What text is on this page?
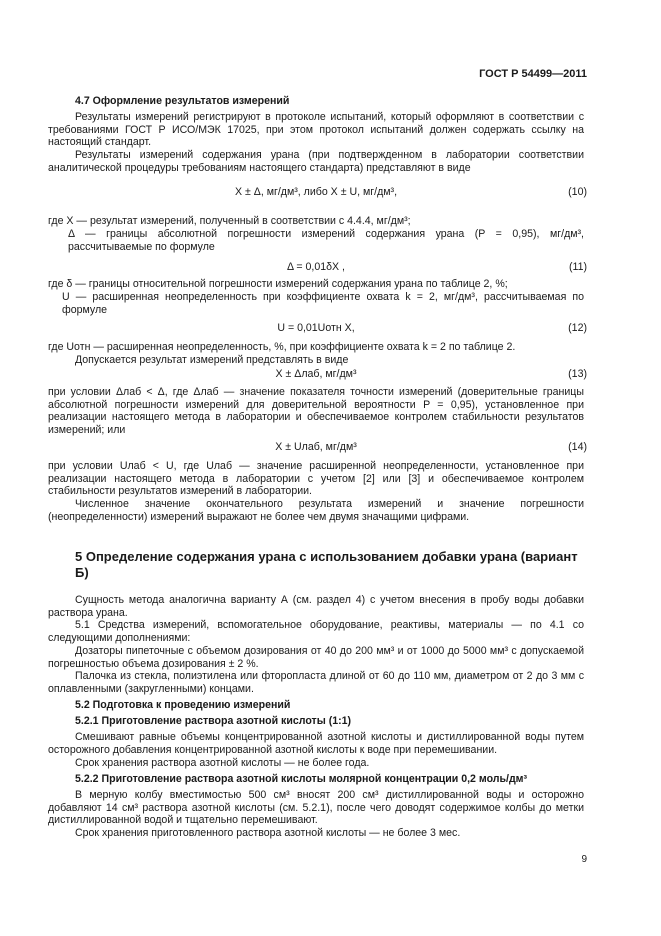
ГОСТ Р 54499—2011
4.7 Оформление результатов измерений

Результаты измерений регистрируют в протоколе испытаний, который оформляют в соответствии с требованиями ГОСТ Р ИСО/МЭК 17025, при этом протокол испытаний должен содержать ссылку на настоящий стандарт.

Результаты измерений содержания урана (при подтвержденном в лаборатории соответствии аналитической процедуры требованиям настоящего стандарта) представляют в виде

X ± Δ, мг/дм³, либо X ± U, мг/дм³,	(10)

где X — результат измерений, полученный в соответствии с 4.4.4, мг/дм³;

Δ — границы абсолютной погрешности измерений содержания урана (P = 0,95), мг/дм³, рассчитываемые по формуле

Δ = 0,01δX ,	(11)

где δ — границы относительной погрешности измерений содержания урана по таблице 2, %;

U — расширенная неопределенность при коэффициенте охвата k = 2, мг/дм³, рассчитываемая по формуле

U = 0,01Uотн X,	(12)

где Uотн — расширенная неопределенность, %, при коэффициенте охвата k = 2 по таблице 2.

Допускается результат измерений представлять в виде

X ± Δлаб, мг/дм³	(13)

при условии Δлаб < Δ, где Δлаб — значение показателя точности измерений (доверительные границы абсолютной погрешности измерений для доверительной вероятности P = 0,95), установленное при реализации настоящего метода в лаборатории и обеспечиваемое контролем стабильности результатов измерений; или

X ± Uлаб, мг/дм³	(14)

при условии Uлаб < U, где Uлаб — значение расширенной неопределенности, установленное при реализации настоящего метода в лаборатории с учетом [2] или [3] и обеспечиваемое контролем стабильности результатов измерений в лаборатории.

Численное значение окончательного результата измерений и значение погрешности (неопределенности) измерений выражают не более чем двумя значащими цифрами.

5 Определение содержания урана с использованием добавки урана (вариант Б)

Сущность метода аналогична варианту А (см. раздел 4) с учетом внесения в пробу воды добавки раствора урана.

5.1 Средства измерений, вспомогательное оборудование, реактивы, материалы — по 4.1 со следующими дополнениями:

Дозаторы пипеточные с объемом дозирования от 40 до 200 мм³ и от 1000 до 5000 мм³ с допускаемой погрешностью объема дозирования ± 2 %.

Палочка из стекла, полиэтилена или фторопласта длиной от 60 до 110 мм, диаметром от 2 до 3 мм с оплавленными (закругленными) концами.

5.2 Подготовка к проведению измерений
5.2.1 Приготовление раствора азотной кислоты (1:1)

Смешивают равные объемы концентрированной азотной кислоты и дистиллированной воды путем осторожного добавления концентрированной азотной кислоты к воде при перемешивании.

Срок хранения раствора азотной кислоты — не более года.

5.2.2 Приготовление раствора азотной кислоты молярной концентрации 0,2 моль/дм³

В мерную колбу вместимостью 500 см³ вносят 200 см³ дистиллированной воды и осторожно добавляют 14 см³ раствора азотной кислоты (см. 5.2.1), после чего доводят содержимое колбы до метки дистиллированной водой и тщательно перемешивают.

Срок хранения приготовленного раствора азотной кислоты — не более 3 мес.

9
